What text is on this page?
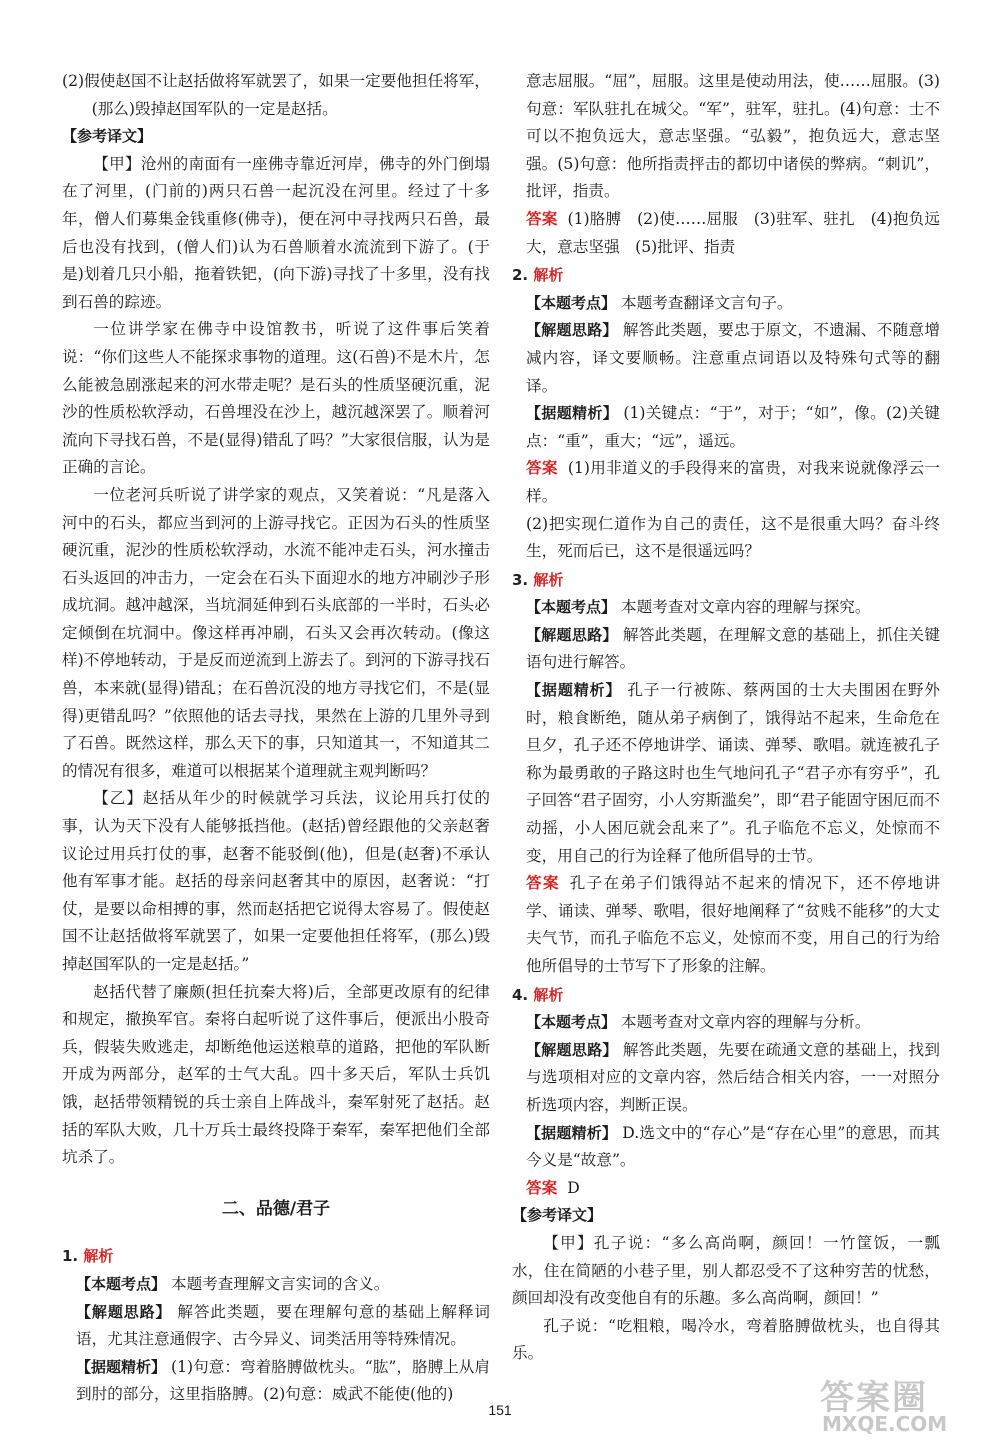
(2)假使赵国不让赵括做将军就罢了，如果一定要他担任将军，(那么)毁掉赵国军队的一定是赵括。

【参考译文】

【甲】沧州的南面有一座佛寺靠近河岸，佛寺的外门倒塌在了河里，(门前的)两只石兽一起沉没在河里。经过了十多年，僧人们募集金钱重修(佛寺)，便在河中寻找两只石兽，最后也没有找到，(僧人们)认为石兽顺着水流流到下游了。(于是)划着几只小船，拖着铁钯，(向下游)寻找了十多里，没有找到石兽的踪迹。

一位讲学家在佛寺中设馆教书，听说了这件事后笑着说：“你们这些人不能探求事物的道理。这(石兽)不是木片，怎么能被急剧涨起来的河水带走呢？是石头的性质坚硬沉重，泥沙的性质松软浮动，石兽埋没在沙上，越沉越深罢了。顺着河流向下寻找石兽，不是(显得)错乱了吗？”大家很信服，认为是正确的言论。

一位老河兵听说了讲学家的观点，又笑着说：“凡是落入河中的石头，都应当到河的上游寻找它。正因为石头的性质坚硬沉重，泥沙的性质松软浮动，水流不能冲走石头，河水撞击石头返回的冲击力，一定会在石头下面迎水的地方冲刷沙子形成坑洞。越冲越深，当坑洞延伸到石头底部的一半时，石头必定倾倒在坑洞中。像这样再冲刷，石头又会再次转动。(像这样)不停地转动，于是反而逆流到上游去了。到河的下游寻找石兽，本来就(显得)错乱；在石兽沉没的地方寻找它们，不是(显得)更错乱吗？”依照他的话去寻找，果然在上游的几里外寻到了石兽。既然这样，那么天下的事，只知道其一，不知道其二的情况有很多，难道可以根据某个道理就主观判断吗？

【乙】赵括从年少的时候就学习兵法，议论用兵打仗的事，认为天下没有人能够抵挡他。(赵括)曾经跟他的父亲赵奢议论过用兵打仗的事，赵奢不能驳倒(他)，但是(赵奢)不承认他有军事才能。赵括的母亲问赵奢其中的原因，赵奢说：“打仗，是要以命相搏的事，然而赵括把它说得太容易了。假使赵国不让赵括做将军就罢了，如果一定要他担任将军，(那么)毁掉赵国军队的一定是赵括。”

赵括代替了廉颇(担任抗秦大将)后，全部更改原有的纪律和规定，撤换军官。秦将白起听说了这件事后，便派出小股奇兵，假装失败逃走，却断绝他运送粮草的道路，把他的军队断开成为两部分，赵军的士气大乱。四十多天后，军队士兵饥饿，赵括带领精锐的兵士亲自上阵战斗，秦军射死了赵括。赵括的军队大败，几十万兵士最终投降于秦军，秦军把他们全部坑杀了。

二、品德/君子
1. 解析

【本题考点】 本题考查理解文言实词的含义。

【解题思路】 解答此类题，要在理解句意的基础上解释词语，尤其注意通假字、古今异义、词类活用等特殊情况。

【据题精析】 (1)句意：弯着胳膊做枕头。“肱”，胳膊上从肩到肘的部分，这里指胳膊。(2)句意：威武不能使(他的)

意志屈服。“屈”，屈服。这里是使动用法，使……屈服。(3)句意：军队驻扎在城父。“军”，驻军，驻扎。(4)句意：士不可以不抱负远大，意志坚强。“弘毅”，抱负远大，意志坚强。(5)句意：他所指责抨击的都切中诸侯的弊病。“刺讥”，批评，指责。

答案 (1)胳膊　(2)使……屈服　(3)驻军、驻扎　(4)抱负远大，意志坚强　(5)批评、指责

2. 解析

【本题考点】 本题考查翻译文言句子。

【解题思路】 解答此类题，要忠于原文，不遗漏、不随意增减内容，译文要顺畅。注意重点词语以及特殊句式等的翻译。

【据题精析】 (1)关键点：“于”，对于；“如”，像。(2)关键点：“重”，重大；“远”，遥远。

答案 (1)用非道义的手段得来的富贵，对我来说就像浮云一样。

(2)把实现仁道作为自己的责任，这不是很重大吗？奋斗终生，死而后已，这不是很遥远吗？

3. 解析

【本题考点】 本题考查对文章内容的理解与探究。

【解题思路】 解答此类题，在理解文意的基础上，抓住关键语句进行解答。

【据题精析】 孔子一行被陈、蔡两国的士大夫围困在野外时，粮食断绝，随从弟子病倒了，饿得站不起来，生命危在旦夕，孔子还不停地讲学、诵读、弹琴、歌唱。就连被孔子称为最勇敢的子路这时也生气地问孔子“君子亦有穷乎”，孔子回答“君子固穷，小人穷斯滥矣”，即“君子能固守困厄而不动摇，小人困厄就会乱来了”。孔子临危不忘义，处惊而不变，用自己的行为诠释了他所倡导的士节。

答案 孔子在弟子们饿得站不起来的情况下，还不停地讲学、诵读、弹琴、歌唱，很好地阐释了“贫贱不能移”的大丈夫气节，而孔子临危不忘义，处惊而不变，用自己的行为给他所倡导的士节写下了形象的注解。

4. 解析

【本题考点】 本题考查对文章内容的理解与分析。

【解题思路】 解答此类题，先要在疏通文意的基础上，找到与选项相对应的文章内容，然后结合相关内容，一一对照分析选项内容，判断正误。

【据题精析】 D.选文中的“存心”是“存在心里”的意思，而其今义是“故意”。

答案 D

【参考译文】

【甲】孔子说：“多么高尚啊，颜回！一竹筐饭，一瓢水，住在简陋的小巷子里，别人都忍受不了这种穷苦的忧愁，颜回却没有改变他自有的乐趣。多么高尚啊，颜回！”

孔子说：“吃粗粮，喝冷水，弯着胳膊做枕头，也自得其乐。

151	答案圈
MXQE.COM
